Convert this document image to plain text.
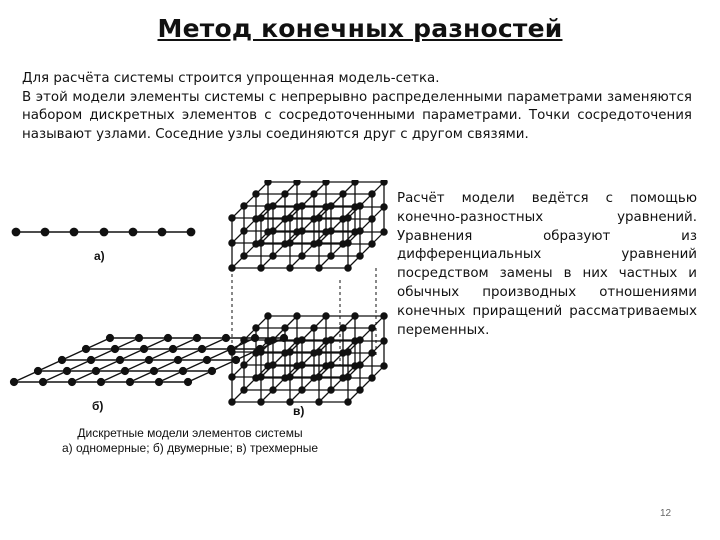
Метод конечных разностей

Для расчёта системы строится упрощенная модель-сетка.

В этой модели элементы системы с непрерывно распределенными параметрами заменяются набором дискретных элементов с сосредоточенными параметрами. Точки сосредоточения называют узлами. Соседние узлы соединяются друг с другом связями.

Расчёт модели ведётся с помощью конечно-разностных уравнений. Уравнения образуют из дифференциальных уравнений посредством замены в них частных и обычных производных отношениями конечных приращений рассматриваемых переменных.
а)
б)	в)
Дискретные модели элементов системы
а) одномерные; б) двумерные; в) трехмерные
12
